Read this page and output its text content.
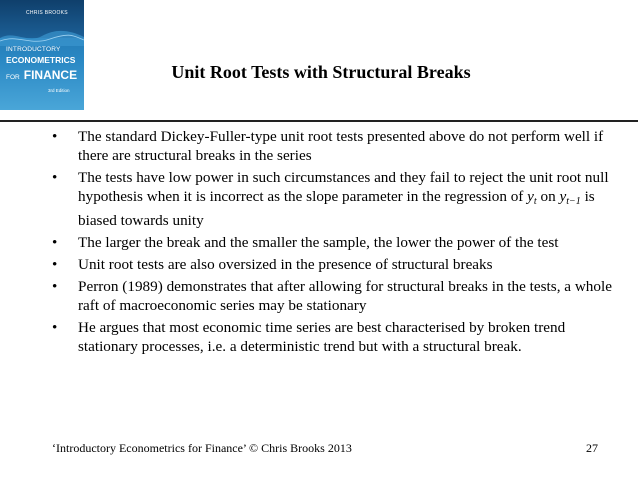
CHRIS BROOKS
INTRODUCTORY
ECONOMETRICS
FOR FINANCE
3rd Edition
Unit Root Tests with Structural Breaks
• The standard Dickey-Fuller-type unit root tests presented above do not perform well if there are structural breaks in the series
• The tests have low power in such circumstances and they fail to reject the unit root null hypothesis when it is incorrect as the slope parameter in the regression of $y_t$ on $y_{t-1}$ is biased towards unity
• The larger the break and the smaller the sample, the lower the power of the test
• Unit root tests are also oversized in the presence of structural breaks
• Perron (1989) demonstrates that after allowing for structural breaks in the tests, a whole raft of macroeconomic series may be stationary
• He argues that most economic time series are best characterised by broken trend stationary processes, i.e. a deterministic trend but with a structural break.
‘Introductory Econometrics for Finance’ © Chris Brooks 2013	27
